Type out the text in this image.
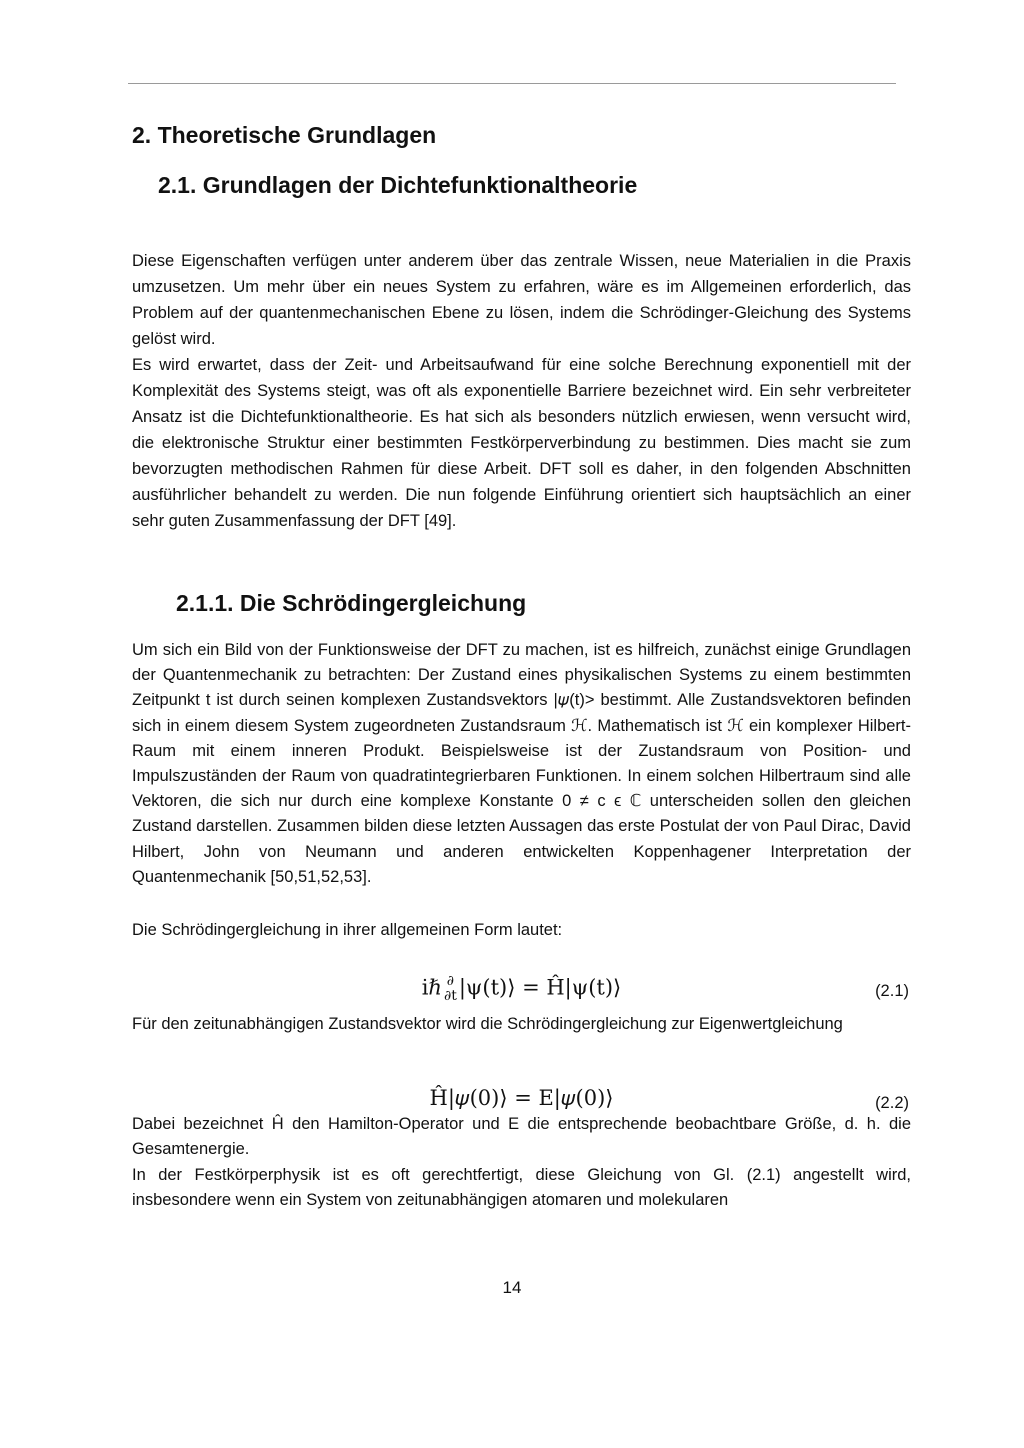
2. Theoretische Grundlagen
2.1. Grundlagen der Dichtefunktionaltheorie

Diese Eigenschaften verfügen unter anderem über das zentrale Wissen, neue Materialien in die Praxis umzusetzen. Um mehr über ein neues System zu erfahren, wäre es im Allgemeinen erforderlich, das Problem auf der quantenmechanischen Ebene zu lösen, indem die Schrödinger-Gleichung des Systems gelöst wird.

Es wird erwartet, dass der Zeit- und Arbeitsaufwand für eine solche Berechnung exponentiell mit der Komplexität des Systems steigt, was oft als exponentielle Barriere bezeichnet wird. Ein sehr verbreiteter Ansatz ist die Dichtefunktionaltheorie. Es hat sich als besonders nützlich erwiesen, wenn versucht wird, die elektronische Struktur einer bestimmten Festkörperverbindung zu bestimmen. Dies macht sie zum bevorzugten methodischen Rahmen für diese Arbeit. DFT soll es daher, in den folgenden Abschnitten ausführlicher behandelt zu werden. Die nun folgende Einführung orientiert sich hauptsächlich an einer sehr guten Zusammenfassung der DFT [49].

2.1.1. Die Schrödingergleichung

Um sich ein Bild von der Funktionsweise der DFT zu machen, ist es hilfreich, zunächst einige Grundlagen der Quantenmechanik zu betrachten: Der Zustand eines physikalischen Systems zu einem bestimmten Zeitpunkt t ist durch seinen komplexen Zustandsvektors |𝜓(t)> bestimmt. Alle Zustandsvektoren befinden sich in einem diesem System zugeordneten Zustandsraum ℋ. Mathematisch ist ℋ ein komplexer Hilbert-Raum mit einem inneren Produkt. Beispielsweise ist der Zustandsraum von Position- und Impulszuständen der Raum von quadratintegrierbaren Funktionen. In einem solchen Hilbertraum sind alle Vektoren, die sich nur durch eine komplexe Konstante 0 ≠ c ϵ ℂ unterscheiden sollen den gleichen Zustand darstellen. Zusammen bilden diese letzten Aussagen das erste Postulat der von Paul Dirac, David Hilbert, John von Neumann und anderen entwickelten Koppenhagener Interpretation der Quantenmechanik [50,51,52,53].

Die Schrödingergleichung in ihrer allgemeinen Form lautet:

iℏ ∂
∂t |ψ(t)⟩ = Ĥ|ψ(t)⟩	(2.1)

Für den zeitunabhängigen Zustandsvektor wird die Schrödingergleichung zur Eigenwertgleichung

Ĥ|𝜓(0)⟩ = E|𝜓(0)⟩	(2.2)

Dabei bezeichnet Ĥ den Hamilton-Operator und E die entsprechende beobachtbare Größe, d. h. die Gesamtenergie.

In der Festkörperphysik ist es oft gerechtfertigt, diese Gleichung von Gl. (2.1) angestellt wird, insbesondere wenn ein System von zeitunabhängigen atomaren und molekularen

14
